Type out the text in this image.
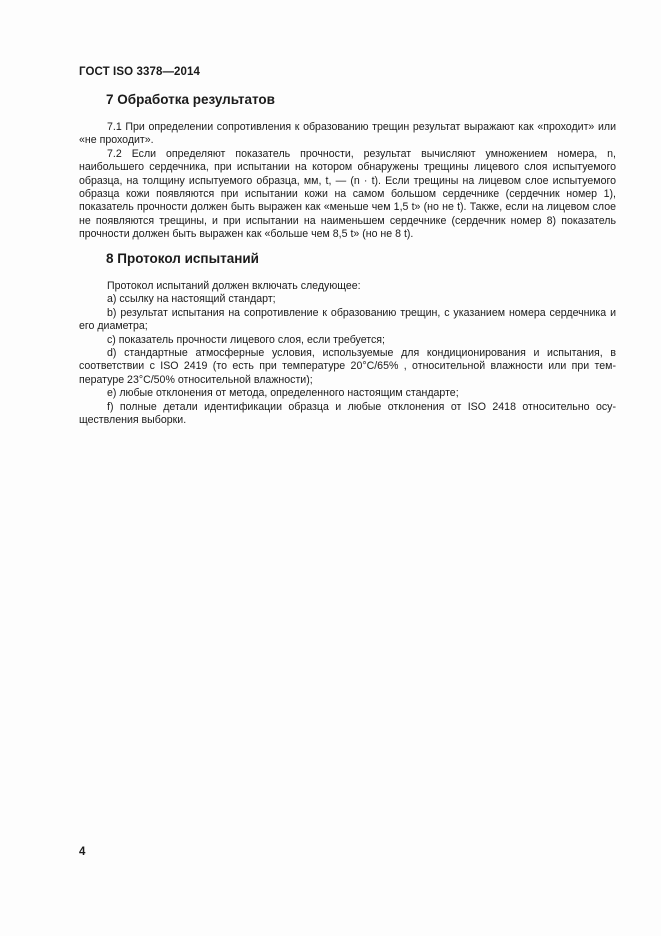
ГОСТ ISO 3378—2014
7 Обработка результатов

7.1 При определении сопротивления к образованию трещин результат выражают как «проходит» или «не проходит».

7.2 Если определяют показатель прочности, результат вычисляют умножением номера, n, наибольшего сердечника, при испытании на котором обнаружены трещины лицевого слоя испытуемого образца, на толщину испытуемого образца, мм, t, — (n · t). Если трещины на лицевом слое испытуемого образца кожи появляются при испытании кожи на самом большом сердечнике (сердечник номер 1), показатель прочности должен быть выражен как «меньше чем 1,5 t» (но не t). Также, если на лицевом слое не появляются трещины, и при испытании на наименьшем сердечнике (сердечник номер 8) показатель прочности должен быть выражен как «больше чем 8,5 t» (но не 8 t).

8 Протокол испытаний

Протокол испытаний должен включать следующее:

a) ссылку на настоящий стандарт;

b) результат испытания на сопротивление к образованию трещин, с указанием номера сердечника и его диаметра;

c) показатель прочности лицевого слоя, если требуется;

d) стандартные атмосферные условия, используемые для кондиционирования и испытания, в соответствии с ISO 2419 (то есть при температуре 20°C/65% , относительной влажности или при температуре 23°C/50% относительной влажности);

e) любые отклонения от метода, определенного настоящим стандарте;

f) полные детали идентификации образца и любые отклонения от ISO 2418 относительно осуществления выборки.

4
